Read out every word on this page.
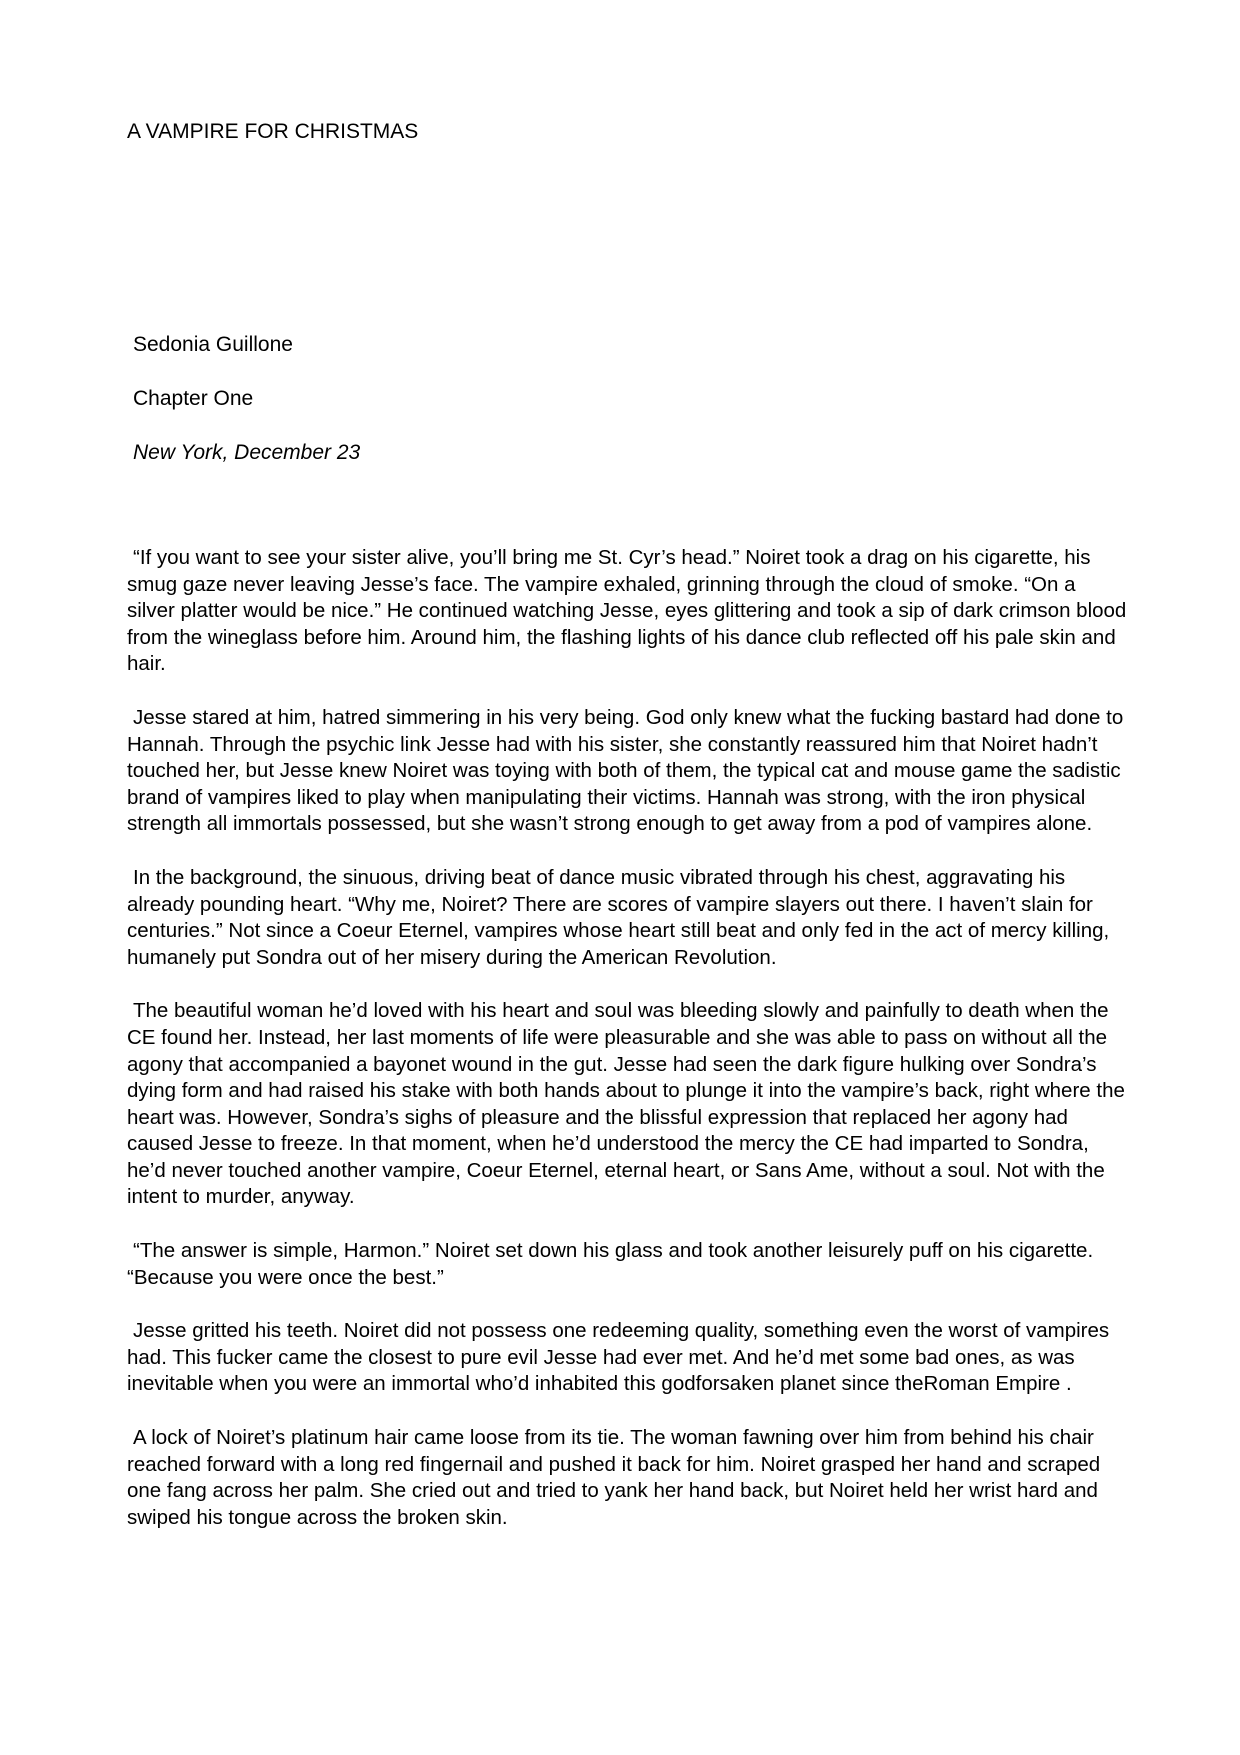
A VAMPIRE FOR CHRISTMAS

Sedonia Guillone

Chapter One

New York, December 23

“If you want to see your sister alive, you’ll bring me St. Cyr’s head.” Noiret took a drag on his cigarette, his smug gaze never leaving Jesse’s face. The vampire exhaled, grinning through the cloud of smoke. “On a silver platter would be nice.” He continued watching Jesse, eyes glittering and took a sip of dark crimson blood from the wineglass before him. Around him, the flashing lights of his dance club reflected off his pale skin and hair.

Jesse stared at him, hatred simmering in his very being. God only knew what the fucking bastard had done to Hannah. Through the psychic link Jesse had with his sister, she constantly reassured him that Noiret hadn’t touched her, but Jesse knew Noiret was toying with both of them, the typical cat and mouse game the sadistic brand of vampires liked to play when manipulating their victims. Hannah was strong, with the iron physical strength all immortals possessed, but she wasn’t strong enough to get away from a pod of vampires alone.

In the background, the sinuous, driving beat of dance music vibrated through his chest, aggravating his already pounding heart. “Why me, Noiret? There are scores of vampire slayers out there. I haven’t slain for centuries.” Not since a Coeur Eternel, vampires whose heart still beat and only fed in the act of mercy killing, humanely put Sondra out of her misery during the American Revolution.

The beautiful woman he’d loved with his heart and soul was bleeding slowly and painfully to death when the CE found her. Instead, her last moments of life were pleasurable and she was able to pass on without all the agony that accompanied a bayonet wound in the gut. Jesse had seen the dark figure hulking over Sondra’s dying form and had raised his stake with both hands about to plunge it into the vampire’s back, right where the heart was. However, Sondra’s sighs of pleasure and the blissful expression that replaced her agony had caused Jesse to freeze. In that moment, when he’d understood the mercy the CE had imparted to Sondra, he’d never touched another vampire, Coeur Eternel, eternal heart, or Sans Ame, without a soul. Not with the intent to murder, anyway.

“The answer is simple, Harmon.” Noiret set down his glass and took another leisurely puff on his cigarette. “Because you were once the best.”

Jesse gritted his teeth. Noiret did not possess one redeeming quality, something even the worst of vampires had. This fucker came the closest to pure evil Jesse had ever met. And he’d met some bad ones, as was inevitable when you were an immortal who’d inhabited this godforsaken planet since theRoman Empire .

A lock of Noiret’s platinum hair came loose from its tie. The woman fawning over him from behind his chair reached forward with a long red fingernail and pushed it back for him. Noiret grasped her hand and scraped one fang across her palm. She cried out and tried to yank her hand back, but Noiret held her wrist hard and swiped his tongue across the broken skin.
